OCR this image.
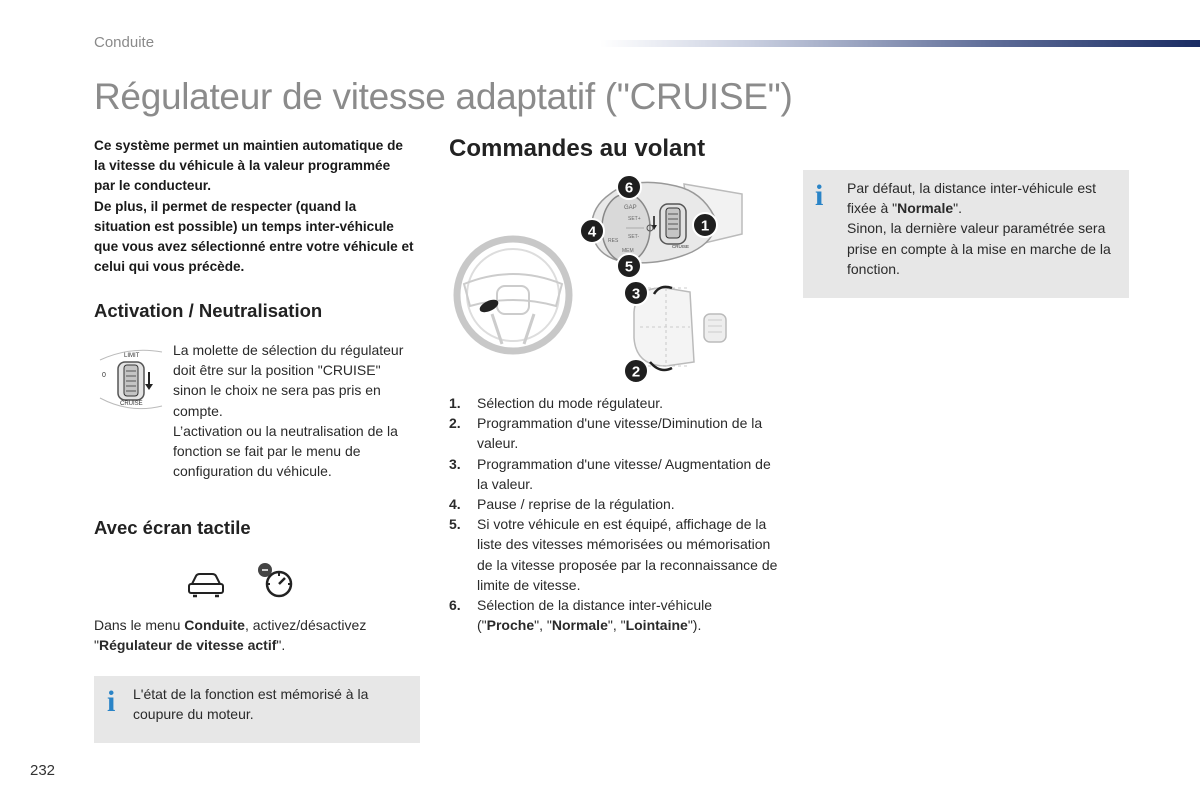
Conduite
Régulateur de vitesse adaptatif ("CRUISE")

Ce système permet un maintien automatique de la vitesse du véhicule à la valeur programmée par le conducteur.

De plus, il permet de respecter (quand la situation est possible) un temps inter-véhicule que vous avez sélectionné entre votre véhicule et celui qui vous précède.

Activation / Neutralisation
LIMIT
0
CRUISE

La molette de sélection du régulateur doit être sur la position "CRUISE" sinon le choix ne sera pas pris en compte.

L’activation ou la neutralisation de la fonction se fait par le menu de configuration du véhicule.

Avec écran tactile

Dans le menu Conduite, activez/désactivez "Régulateur de vitesse actif".

i L'état de la fonction est mémorisé à la coupure du moteur.

Commandes au volant
GAP
SET+
SET-
RES
MEM
CRUISE
1
2
3
4
5
6
1. Sélection du mode régulateur.
2. Programmation d'une vitesse/Diminution de la valeur.
3. Programmation d'une vitesse/ Augmentation de la valeur.
4. Pause / reprise de la régulation.
5. Si votre véhicule en est équipé, affichage de la liste des vitesses mémorisées ou mémorisation de la vitesse proposée par la reconnaissance de limite de vitesse.
6. Sélection de la distance inter-véhicule ("Proche", "Normale", "Lointaine").
i Par défaut, la distance inter-véhicule est fixée à "Normale".

Sinon, la dernière valeur paramétrée sera prise en compte à la mise en marche de la fonction.

232
